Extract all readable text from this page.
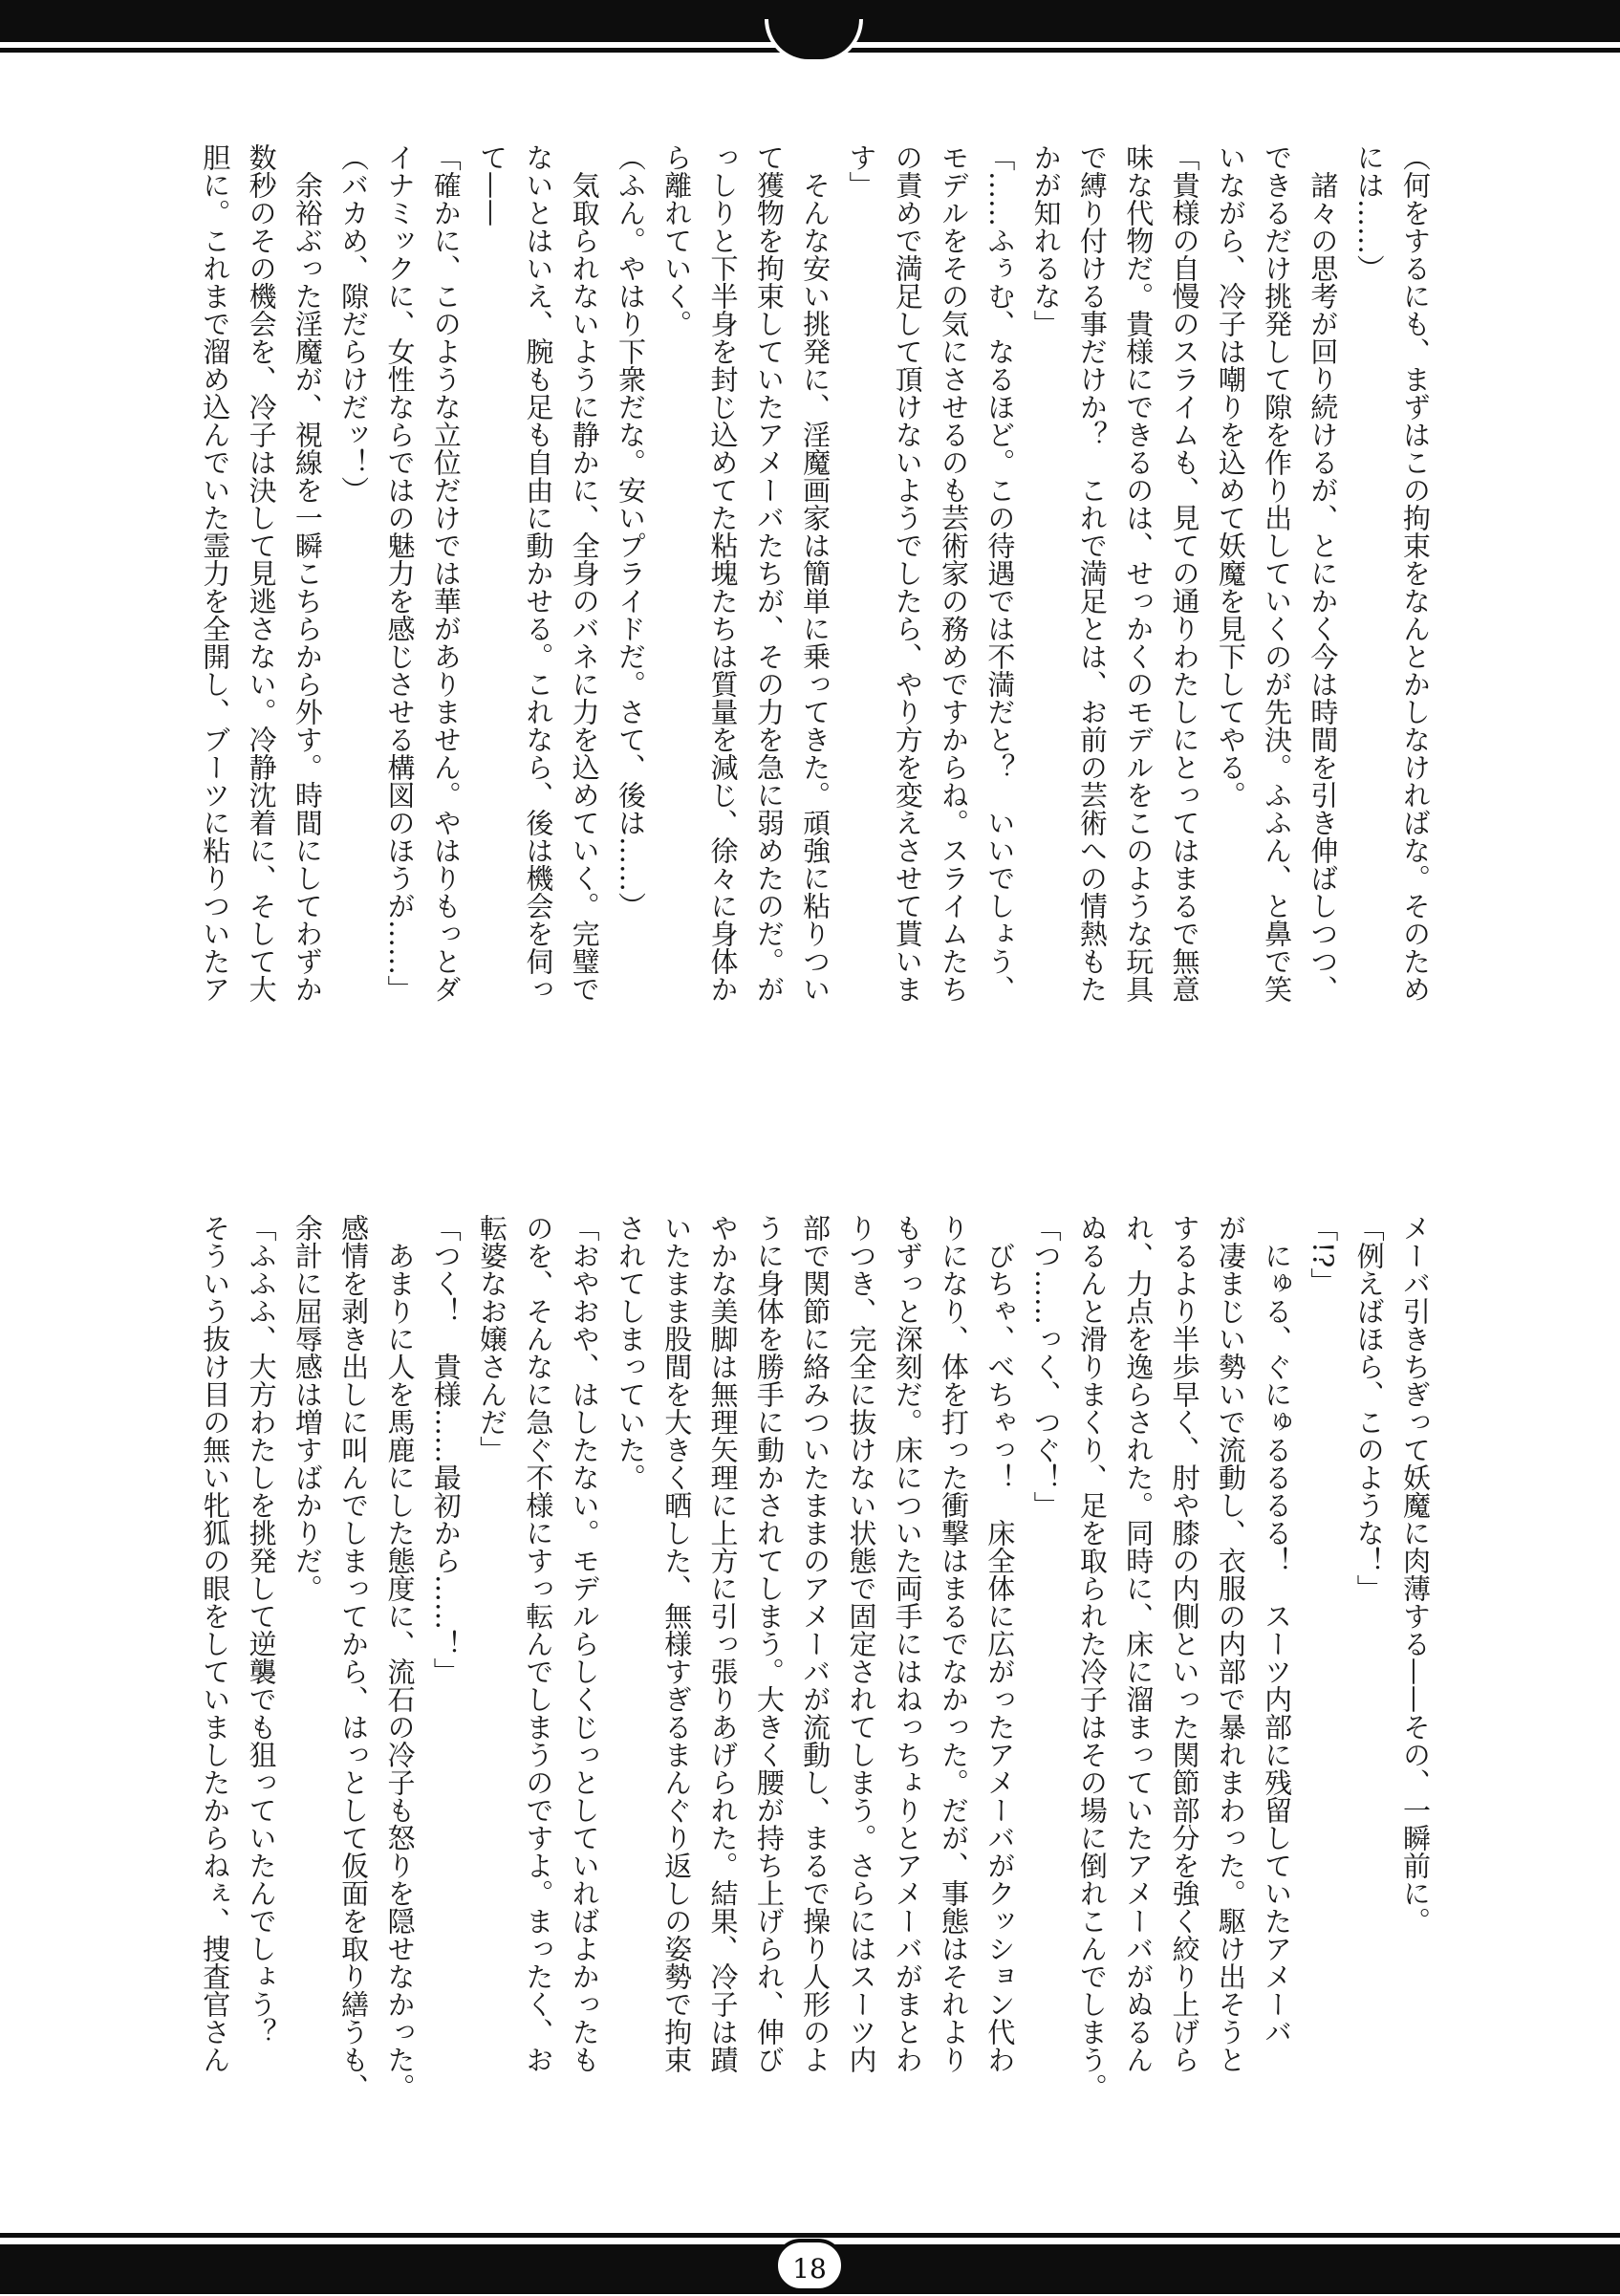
（何をするにも、まずはこの拘束をなんとかしなければな。そのため
には……）
　諸々の思考が回り続けるが、とにかく今は時間を引き伸ばしつつ、
できるだけ挑発して隙を作り出していくのが先決。ふふん、と鼻で笑
いながら、冷子は嘲りを込めて妖魔を見下してやる。
「貴様の自慢のスライムも、見ての通りわたしにとってはまるで無意
味な代物だ。貴様にできるのは、せっかくのモデルをこのような玩具
で縛り付ける事だけか？　これで満足とは、お前の芸術への情熱もた
かが知れるな」
「……ふぅむ、なるほど。この待遇では不満だと？　いいでしょう、
モデルをその気にさせるのも芸術家の務めですからね。スライムたち
の責めで満足して頂けないようでしたら、やり方を変えさせて貰いま
す」
　そんな安い挑発に、淫魔画家は簡単に乗ってきた。頑強に粘りつい
て獲物を拘束していたアメーバたちが、その力を急に弱めたのだ。が
っしりと下半身を封じ込めてた粘塊たちは質量を減じ、徐々に身体か
ら離れていく。
（ふん。やはり下衆だな。安いプライドだ。さて、後は……）
　気取られないように静かに、全身のバネに力を込めていく。完璧で
ないとはいえ、腕も足も自由に動かせる。これなら、後は機会を伺っ
て——
「確かに、このような立位だけでは華がありません。やはりもっとダ
イナミックに、女性ならではの魅力を感じさせる構図のほうが……」
（バカめ、隙だらけだッ！）
　余裕ぶった淫魔が、視線を一瞬こちらから外す。時間にしてわずか
数秒のその機会を、冷子は決して見逃さない。冷静沈着に、そして大
胆に。これまで溜め込んでいた霊力を全開し、ブーツに粘りついたア
メーバ引きちぎって妖魔に肉薄する——その、一瞬前に。
「例えばほら、このような！」
「!?」
　にゅる、ぐにゅるるるる！　スーツ内部に残留していたアメーバ
が凄まじい勢いで流動し、衣服の内部で暴れまわった。駆け出そうと
するより半歩早く、肘や膝の内側といった関節部分を強く絞り上げら
れ、力点を逸らされた。同時に、床に溜まっていたアメーバがぬるん
ぬるんと滑りまくり、足を取られた冷子はその場に倒れこんでしまう。
「つ……っく、つぐ！」
　びちゃ、べちゃっ！　床全体に広がったアメーバがクッション代わ
りになり、体を打った衝撃はまるでなかった。だが、事態はそれより
もずっと深刻だ。床についた両手にはねっちょりとアメーバがまとわ
りつき、完全に抜けない状態で固定されてしまう。さらにはスーツ内
部で関節に絡みついたままのアメーバが流動し、まるで操り人形のよ
うに身体を勝手に動かされてしまう。大きく腰が持ち上げられ、伸び
やかな美脚は無理矢理に上方に引っ張りあげられた。結果、冷子は蹟
いたまま股間を大きく晒した、無様すぎるまんぐり返しの姿勢で拘束
されてしまっていた。
「おやおや、はしたない。モデルらしくじっとしていればよかったも
のを、そんなに急ぐ不様にすっ転んでしまうのですよ。まったく、お
転婆なお嬢さんだ」
「つく！　貴様……最初から……！」
　あまりに人を馬鹿にした態度に、流石の冷子も怒りを隠せなかった。
感情を剥き出しに叫んでしまってから、はっとして仮面を取り繕うも、
余計に屈辱感は増すばかりだ。
「ふふふ、大方わたしを挑発して逆襲でも狙っていたんでしょう？
そういう抜け目の無い牝狐の眼をしていましたからねぇ、捜査官さん
18
